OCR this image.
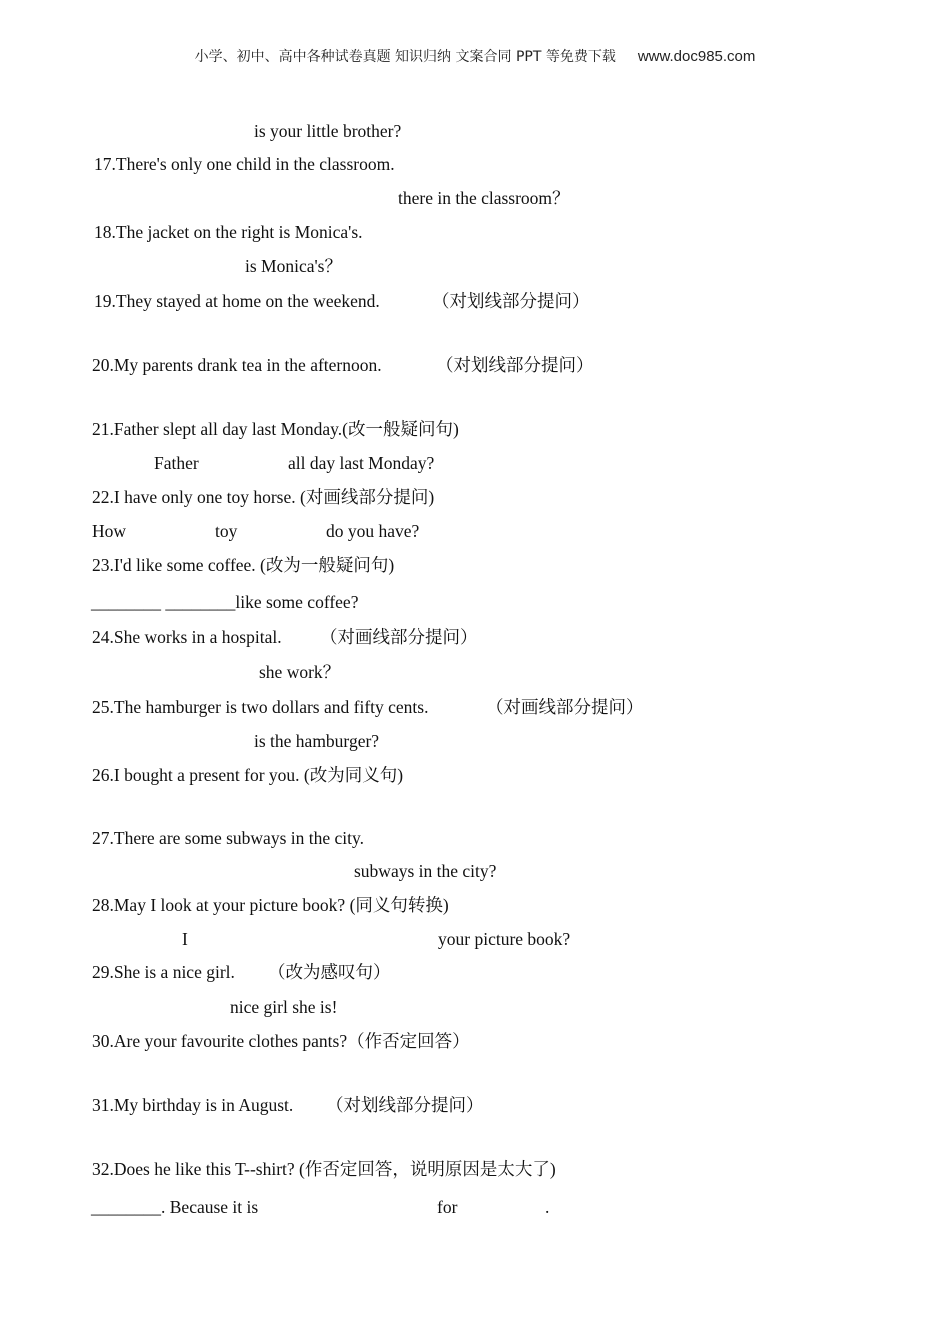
小学、初中、高中各种试卷真题 知识归纳 文案合同 PPT 等免费下载 www.doc985.com
is your little brother?
17.There's only one child in the classroom.
there in the classroom？
18.The jacket on the right is Monica's.
is Monica's？
19.They stayed at home on the weekend.	（对划线部分提问）
20.My parents drank tea in the afternoon.	（对划线部分提问）
21.Father slept all day last Monday.(改一般疑问句)
Father	all day last Monday?
22.I have only one toy horse. (对画线部分提问)
How	toy	do you have?
23.I'd like some coffee. (改为一般疑问句)
________ ________like some coffee?
24.She works in a hospital. （对画线部分提问）
she work？
25.The hamburger is two dollars and fifty cents.	（对画线部分提问）
is the hamburger?
26.I bought a present for you. (改为同义句)
27.There are some subways in the city.
subways in the city?
28.May I look at your picture book? (同义句转换)
I	your picture book?
29.She is a nice girl. （改为感叹句）
nice girl she is!
30.Are your favourite clothes pants?（作否定回答）
31.My birthday is in August. （对划线部分提问）
32.Does he like this T--shirt? (作否定回答，说明原因是太大了)
________. Because it is	for	.
